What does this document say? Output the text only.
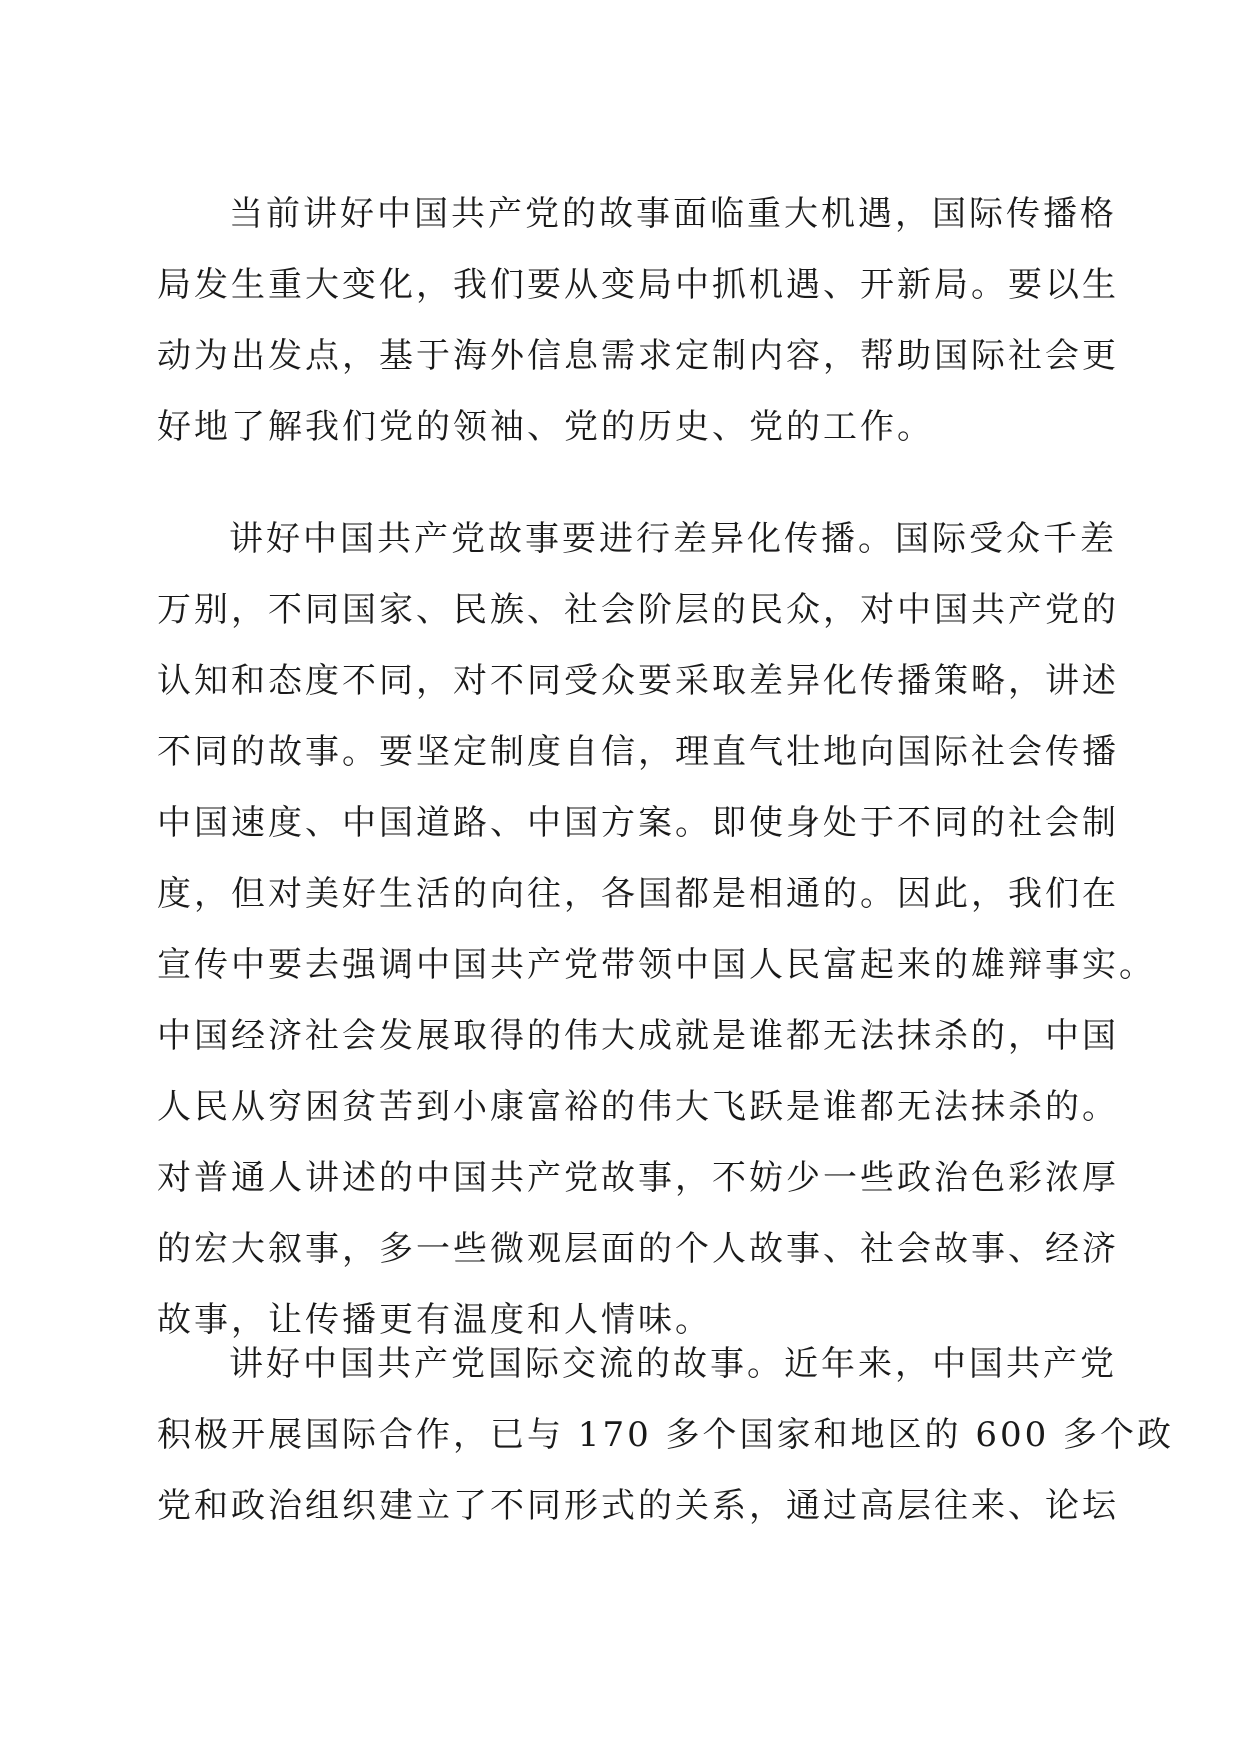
当前讲好中国共产党的故事面临重大机遇，国际传播格
局发生重大变化，我们要从变局中抓机遇、开新局。要以生
动为出发点，基于海外信息需求定制内容，帮助国际社会更
好地了解我们党的领袖、党的历史、党的工作。
讲好中国共产党故事要进行差异化传播。国际受众千差
万别，不同国家、民族、社会阶层的民众，对中国共产党的
认知和态度不同，对不同受众要采取差异化传播策略，讲述
不同的故事。要坚定制度自信，理直气壮地向国际社会传播
中国速度、中国道路、中国方案。即使身处于不同的社会制
度，但对美好生活的向往，各国都是相通的。因此，我们在
宣传中要去强调中国共产党带领中国人民富起来的雄辩事实。
中国经济社会发展取得的伟大成就是谁都无法抹杀的，中国
人民从穷困贫苦到小康富裕的伟大飞跃是谁都无法抹杀的。
对普通人讲述的中国共产党故事，不妨少一些政治色彩浓厚
的宏大叙事，多一些微观层面的个人故事、社会故事、经济
故事，让传播更有温度和人情味。
讲好中国共产党国际交流的故事。近年来，中国共产党
积极开展国际合作，已与 170 多个国家和地区的 600 多个政
党和政治组织建立了不同形式的关系，通过高层往来、论坛
